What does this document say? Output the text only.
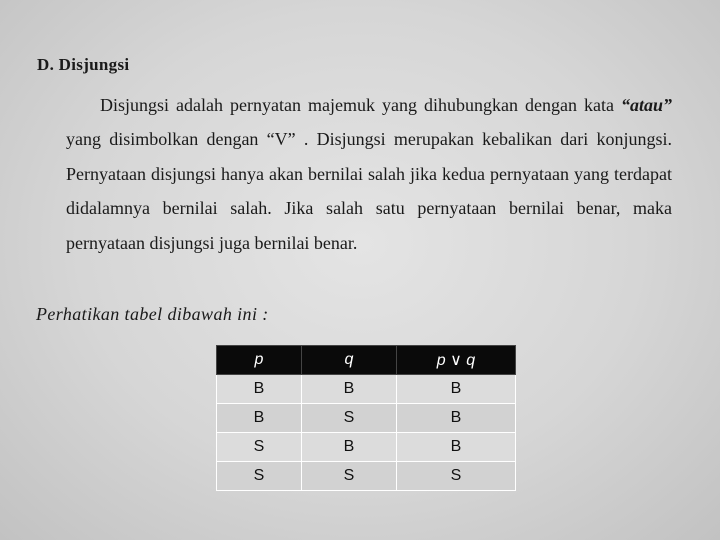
D. Disjungsi
Disjungsi adalah pernyatan majemuk yang dihubungkan dengan kata “atau” yang disimbolkan dengan “V” . Disjungsi merupakan kebalikan dari konjungsi. Pernyataan disjungsi hanya akan bernilai salah jika kedua pernyataan yang terdapat didalamnya bernilai salah. Jika salah satu pernyataan bernilai benar, maka pernyataan disjungsi juga bernilai benar.
Perhatikan tabel dibawah ini :
p	q	p ∨ q
B	B	B
B	S	B
S	B	B
S	S	S
